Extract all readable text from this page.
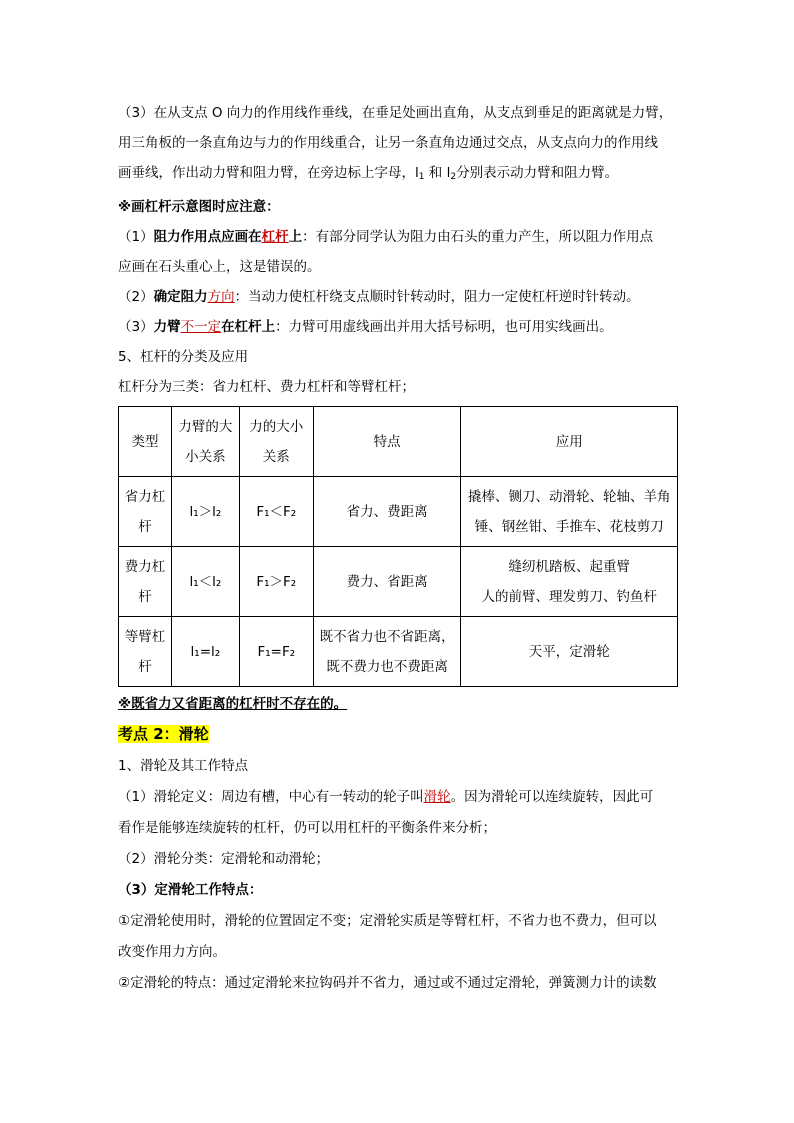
（3）在从支点 O 向力的作用线作垂线，在垂足处画出直角，从支点到垂足的距离就是力臂，

用三角板的一条直角边与力的作用线重合，让另一条直角边通过交点，从支点向力的作用线

画垂线，作出动力臂和阻力臂，在旁边标上字母，$l_1$ 和 $l_2$分别表示动力臂和阻力臂。

※画杠杆示意图时应注意：

（1）阻力作用点应画在杠杆上：有部分同学认为阻力由石头的重力产生，所以阻力作用点

应画在石头重心上，这是错误的。

（2）确定阻力方向：当动力使杠杆绕支点顺时针转动时，阻力一定使杠杆逆时针转动。

（3）力臂不一定在杠杆上：力臂可用虚线画出并用大括号标明，也可用实线画出。

5、杠杆的分类及应用

杠杆分为三类：省力杠杆、费力杠杆和等臂杠杆；

类型	力臂的大小关系	力的大小关系	特点	应用
省力杠杆	l₁＞l₂	F₁＜F₂	省力、费距离	撬棒、铡刀、动滑轮、轮轴、羊角
锤、钢丝钳、手推车、花枝剪刀

费力杠杆	l₁＜l₂	F₁＞F₂	费力、省距离	缝纫机踏板、起重臂
人的前臂、理发剪刀、钓鱼杆

等臂杠杆	l₁=l₂	F₁=F₂	既不省力也不省距离，
既不费力也不费距离	天平，定滑轮

※既省力又省距离的杠杆时不存在的。

考点 2：滑轮

1、滑轮及其工作特点

（1）滑轮定义：周边有槽，中心有一转动的轮子叫滑轮。因为滑轮可以连续旋转，因此可

看作是能够连续旋转的杠杆，仍可以用杠杆的平衡条件来分析；

（2）滑轮分类：定滑轮和动滑轮；

（3）定滑轮工作特点：

①定滑轮使用时，滑轮的位置固定不变；定滑轮实质是等臂杠杆，不省力也不费力，但可以

改变作用力方向。

②定滑轮的特点：通过定滑轮来拉钩码并不省力，通过或不通过定滑轮，弹簧测力计的读数
